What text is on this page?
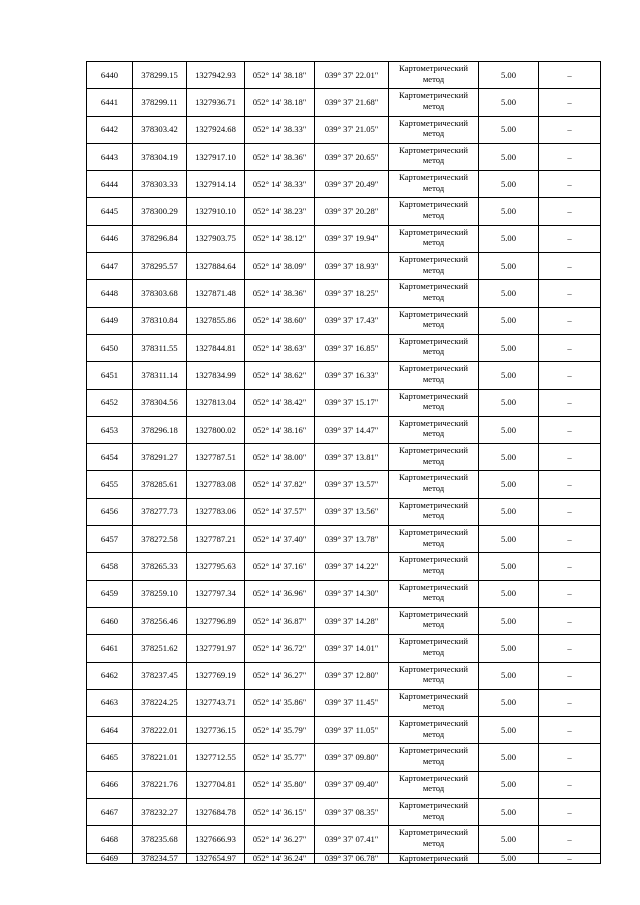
6440	378299.15	1327942.93	052° 14' 38.18"	039° 37' 22.01"	Картометрический метод	5.00	–
6441	378299.11	1327936.71	052° 14' 38.18"	039° 37' 21.68"	Картометрический метод	5.00	–
6442	378303.42	1327924.68	052° 14' 38.33"	039° 37' 21.05"	Картометрический метод	5.00	–
6443	378304.19	1327917.10	052° 14' 38.36"	039° 37' 20.65"	Картометрический метод	5.00	–
6444	378303.33	1327914.14	052° 14' 38.33"	039° 37' 20.49"	Картометрический метод	5.00	–
6445	378300.29	1327910.10	052° 14' 38.23"	039° 37' 20.28"	Картометрический метод	5.00	–
6446	378296.84	1327903.75	052° 14' 38.12"	039° 37' 19.94"	Картометрический метод	5.00	–
6447	378295.57	1327884.64	052° 14' 38.09"	039° 37' 18.93"	Картометрический метод	5.00	–
6448	378303.68	1327871.48	052° 14' 38.36"	039° 37' 18.25"	Картометрический метод	5.00	–
6449	378310.84	1327855.86	052° 14' 38.60"	039° 37' 17.43"	Картометрический метод	5.00	–
6450	378311.55	1327844.81	052° 14' 38.63"	039° 37' 16.85"	Картометрический метод	5.00	–
6451	378311.14	1327834.99	052° 14' 38.62"	039° 37' 16.33"	Картометрический метод	5.00	–
6452	378304.56	1327813.04	052° 14' 38.42"	039° 37' 15.17"	Картометрический метод	5.00	–
6453	378296.18	1327800.02	052° 14' 38.16"	039° 37' 14.47"	Картометрический метод	5.00	–
6454	378291.27	1327787.51	052° 14' 38.00"	039° 37' 13.81"	Картометрический метод	5.00	–
6455	378285.61	1327783.08	052° 14' 37.82"	039° 37' 13.57"	Картометрический метод	5.00	–
6456	378277.73	1327783.06	052° 14' 37.57"	039° 37' 13.56"	Картометрический метод	5.00	–
6457	378272.58	1327787.21	052° 14' 37.40"	039° 37' 13.78"	Картометрический метод	5.00	–
6458	378265.33	1327795.63	052° 14' 37.16"	039° 37' 14.22"	Картометрический метод	5.00	–
6459	378259.10	1327797.34	052° 14' 36.96"	039° 37' 14.30"	Картометрический метод	5.00	–
6460	378256.46	1327796.89	052° 14' 36.87"	039° 37' 14.28"	Картометрический метод	5.00	–
6461	378251.62	1327791.97	052° 14' 36.72"	039° 37' 14.01"	Картометрический метод	5.00	–
6462	378237.45	1327769.19	052° 14' 36.27"	039° 37' 12.80"	Картометрический метод	5.00	–
6463	378224.25	1327743.71	052° 14' 35.86"	039° 37' 11.45"	Картометрический метод	5.00	–
6464	378222.01	1327736.15	052° 14' 35.79"	039° 37' 11.05"	Картометрический метод	5.00	–
6465	378221.01	1327712.55	052° 14' 35.77"	039° 37' 09.80"	Картометрический метод	5.00	–
6466	378221.76	1327704.81	052° 14' 35.80"	039° 37' 09.40"	Картометрический метод	5.00	–
6467	378232.27	1327684.78	052° 14' 36.15"	039° 37' 08.35"	Картометрический метод	5.00	–
6468	378235.68	1327666.93	052° 14' 36.27"	039° 37' 07.41"	Картометрический метод	5.00	–
6469	378234.57	1327654.97	052° 14' 36.24"	039° 37' 06.78"	Картометрический	5.00	–
